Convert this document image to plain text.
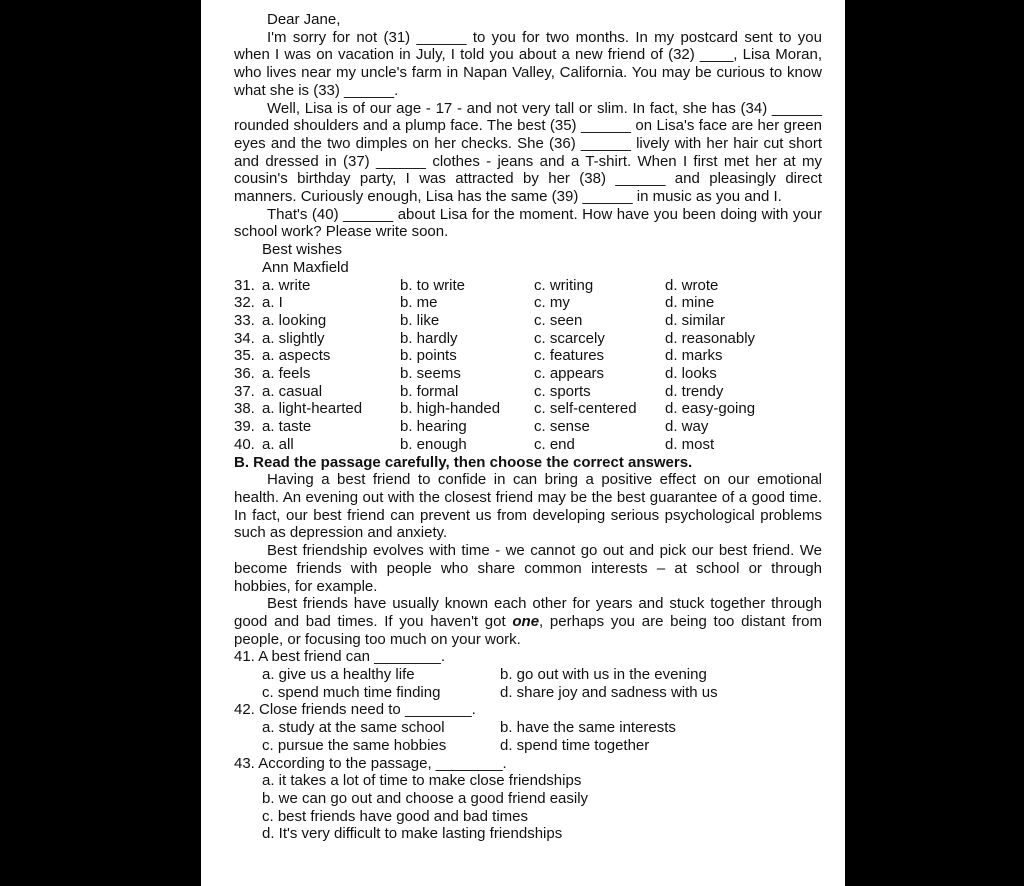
Dear Jane,

I'm sorry for not (31) ______ to you for two months. In my postcard sent to you when I was on vacation in July, I told you about a new friend of (32) ____, Lisa Moran, who lives near my uncle's farm in Napan Valley, California. You may be curious to know what she is (33) ______.

Well, Lisa is of our age - 17 - and not very tall or slim. In fact, she has (34) ______ rounded shoulders and a plump face. The best (35) ______ on Lisa's face are her green eyes and the two dimples on her checks. She (36) ______ lively with her hair cut short and dressed in (37) ______ clothes - jeans and a T-shirt. When I first met her at my cousin's birthday party, I was attracted by her (38) ______ and pleasingly direct manners. Curiously enough, Lisa has the same (39) ______ in music as you and I.

That's (40) ______ about Lisa for the moment. How have you been doing with your school work? Please write soon.

Best wishes

Ann Maxfield

31. a. write	b. to write	c. writing	d. wrote
32. a. I	b. me	c. my	d. mine
33. a. looking	b. like	c. seen	d. similar
34. a. slightly	b. hardly	c. scarcely	d. reasonably
35. a. aspects	b. points	c. features	d. marks
36. a. feels	b. seems	c. appears	d. looks
37. a. casual	b. formal	c. sports	d. trendy
38. a. light-hearted	b. high-handed	c. self-centered	d. easy-going
39. a. taste	b. hearing	c. sense	d. way
40. a. all	b. enough	c. end	d. most

B. Read the passage carefully, then choose the correct answers.

Having a best friend to confide in can bring a positive effect on our emotional health. An evening out with the closest friend may be the best guarantee of a good time. In fact, our best friend can prevent us from developing serious psychological problems such as depression and anxiety.

Best friendship evolves with time - we cannot go out and pick our best friend. We become friends with people who share common interests – at school or through hobbies, for example.

Best friends have usually known each other for years and stuck together through good and bad times. If you haven't got one, perhaps you are being too distant from people, or focusing too much on your work.

41. A best friend can ________.

a. give us a healthy life	b. go out with us in the evening
c. spend much time finding	d. share joy and sadness with us

42. Close friends need to ________.

a. study at the same school	b. have the same interests
c. pursue the same hobbies	d. spend time together

43. According to the passage, ________.

a. it takes a lot of time to make close friendships

b. we can go out and choose a good friend easily

c. best friends have good and bad times

d. It's very difficult to make lasting friendships
